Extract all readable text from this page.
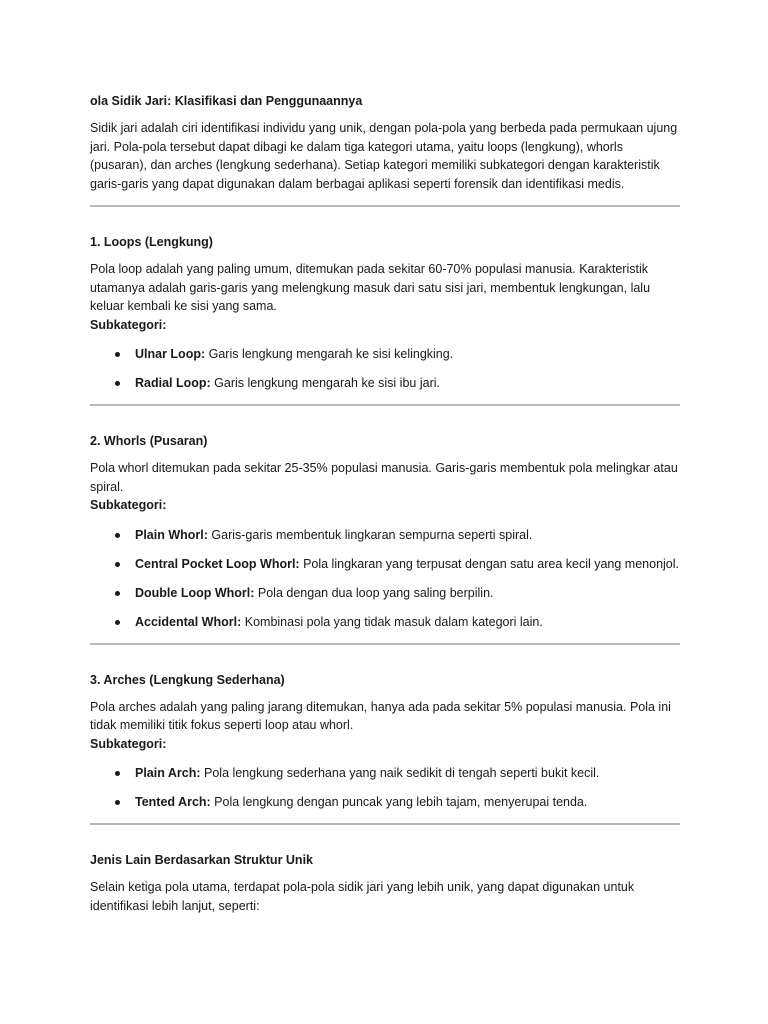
ola Sidik Jari: Klasifikasi dan Penggunaannya

Sidik jari adalah ciri identifikasi individu yang unik, dengan pola-pola yang berbeda pada permukaan ujung jari. Pola-pola tersebut dapat dibagi ke dalam tiga kategori utama, yaitu loops (lengkung), whorls (pusaran), dan arches (lengkung sederhana). Setiap kategori memiliki subkategori dengan karakteristik garis-garis yang dapat digunakan dalam berbagai aplikasi seperti forensik dan identifikasi medis.

1. Loops (Lengkung)

Pola loop adalah yang paling umum, ditemukan pada sekitar 60-70% populasi manusia. Karakteristik utamanya adalah garis-garis yang melengkung masuk dari satu sisi jari, membentuk lengkungan, lalu keluar kembali ke sisi yang sama.

Subkategori:

Ulnar Loop: Garis lengkung mengarah ke sisi kelingking.
Radial Loop: Garis lengkung mengarah ke sisi ibu jari.
2. Whorls (Pusaran)

Pola whorl ditemukan pada sekitar 25-35% populasi manusia. Garis-garis membentuk pola melingkar atau spiral.

Subkategori:

Plain Whorl: Garis-garis membentuk lingkaran sempurna seperti spiral.
Central Pocket Loop Whorl: Pola lingkaran yang terpusat dengan satu area kecil yang menonjol.
Double Loop Whorl: Pola dengan dua loop yang saling berpilin.
Accidental Whorl: Kombinasi pola yang tidak masuk dalam kategori lain.
3. Arches (Lengkung Sederhana)

Pola arches adalah yang paling jarang ditemukan, hanya ada pada sekitar 5% populasi manusia. Pola ini tidak memiliki titik fokus seperti loop atau whorl.

Subkategori:

Plain Arch: Pola lengkung sederhana yang naik sedikit di tengah seperti bukit kecil.
Tented Arch: Pola lengkung dengan puncak yang lebih tajam, menyerupai tenda.
Jenis Lain Berdasarkan Struktur Unik

Selain ketiga pola utama, terdapat pola-pola sidik jari yang lebih unik, yang dapat digunakan untuk identifikasi lebih lanjut, seperti:
